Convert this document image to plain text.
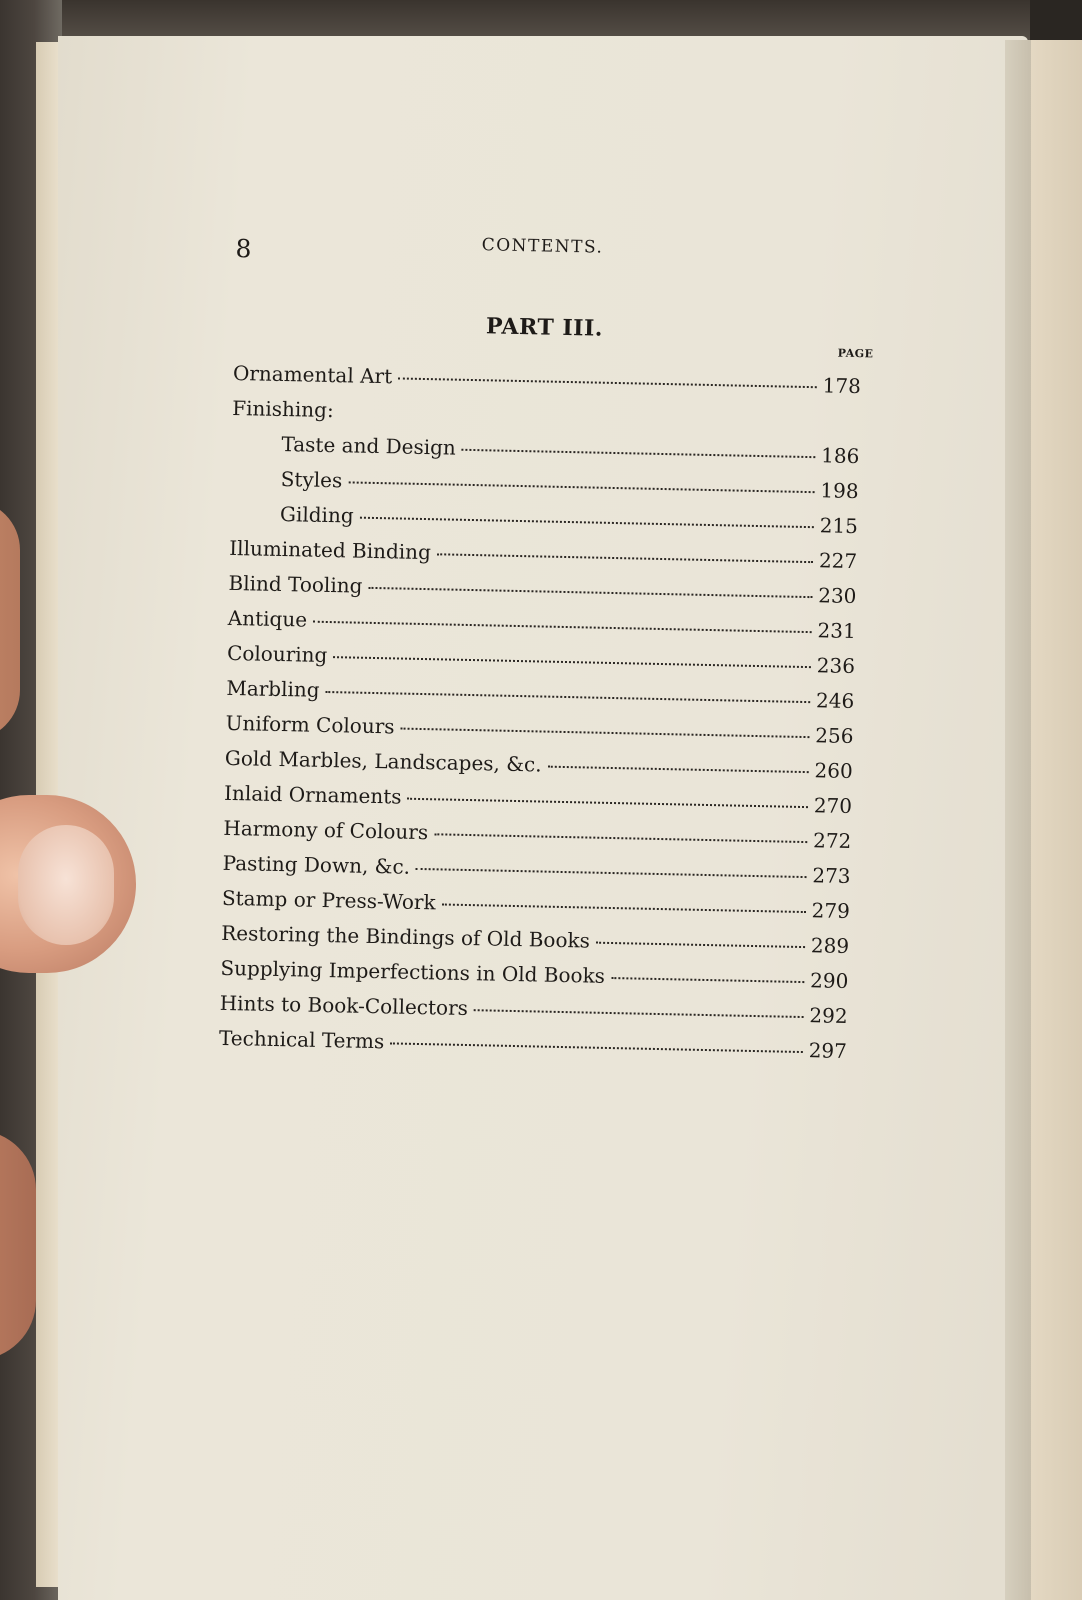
8	CONTENTS.
PART III.
PAGE
Ornamental Art	178
Finishing:
Taste and Design	186
Styles	198
Gilding	215
Illuminated Binding	227
Blind Tooling	230
Antique	231
Colouring	236
Marbling	246
Uniform Colours	256
Gold Marbles, Landscapes, &c.	260
Inlaid Ornaments	270
Harmony of Colours	272
Pasting Down, &c.	273
Stamp or Press-Work	279
Restoring the Bindings of Old Books	289
Supplying Imperfections in Old Books	290
Hints to Book-Collectors	292
Technical Terms	297
